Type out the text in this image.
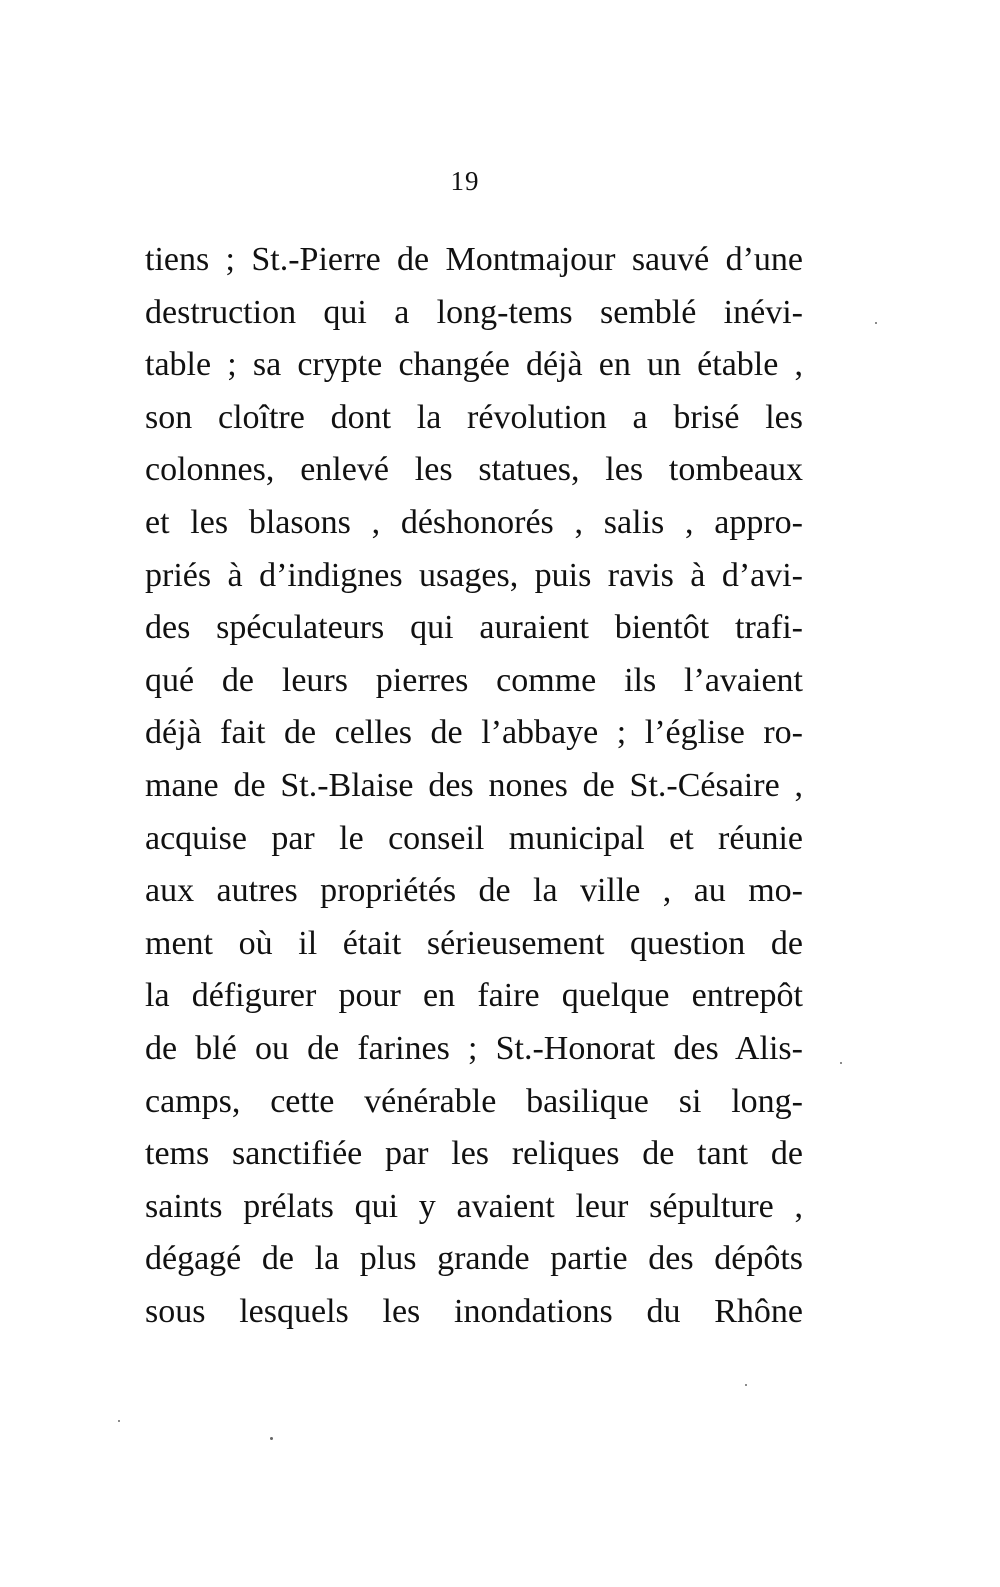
19
tiens ; St.-Pierre de Montmajour sauvé d’une
destruction qui a long-tems semblé inévi-
table ; sa crypte changée déjà en un étable ,
son cloître dont la révolution a brisé les
colonnes, enlevé les statues, les tombeaux
et les blasons , déshonorés , salis , appro-
priés à d’indignes usages, puis ravis à d’avi-
des spéculateurs qui auraient bientôt trafi-
qué de leurs pierres comme ils l’avaient
déjà fait de celles de l’abbaye ; l’église ro-
mane de St.-Blaise des nones de St.-Césaire ,
acquise par le conseil municipal et réunie
aux autres propriétés de la ville , au mo-
ment où il était sérieusement question de
la défigurer pour en faire quelque entrepôt
de blé ou de farines ; St.-Honorat des Alis-
camps, cette vénérable basilique si long-
tems sanctifiée par les reliques de tant de
saints prélats qui y avaient leur sépulture ,
dégagé de la plus grande partie des dépôts
sous lesquels les inondations du Rhône
